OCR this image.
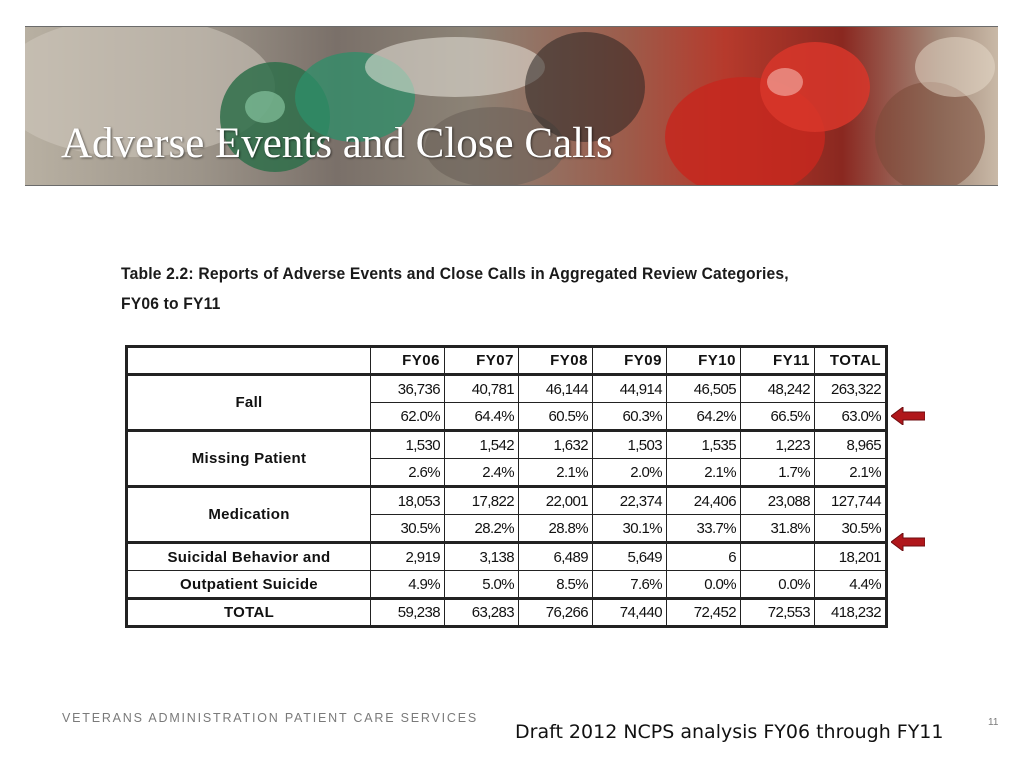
Adverse Events and Close Calls
Table 2.2: Reports of Adverse Events and Close Calls in Aggregated Review Categories,
FY06 to FY11
	FY06	FY07	FY08	FY09	FY10	FY11	TOTAL
Fall	36,736	40,781	46,144	44,914	46,505	48,242	263,322
	62.0%	64.4%	60.5%	60.3%	64.2%	66.5%	63.0%
Missing Patient	1,530	1,542	1,632	1,503	1,535	1,223	8,965
	2.6%	2.4%	2.1%	2.0%	2.1%	1.7%	2.1%
Medication	18,053	17,822	22,001	22,374	24,406	23,088	127,744
	30.5%	28.2%	28.8%	30.1%	33.7%	31.8%	30.5%
Suicidal Behavior and	2,919	3,138	6,489	5,649	6		18,201
Outpatient Suicide	4.9%	5.0%	8.5%	7.6%	0.0%	0.0%	4.4%
TOTAL	59,238	63,283	76,266	74,440	72,452	72,553	418,232
VETERANS ADMINISTRATION PATIENT CARE SERVICES
Draft 2012 NCPS analysis FY06 through FY11	11
